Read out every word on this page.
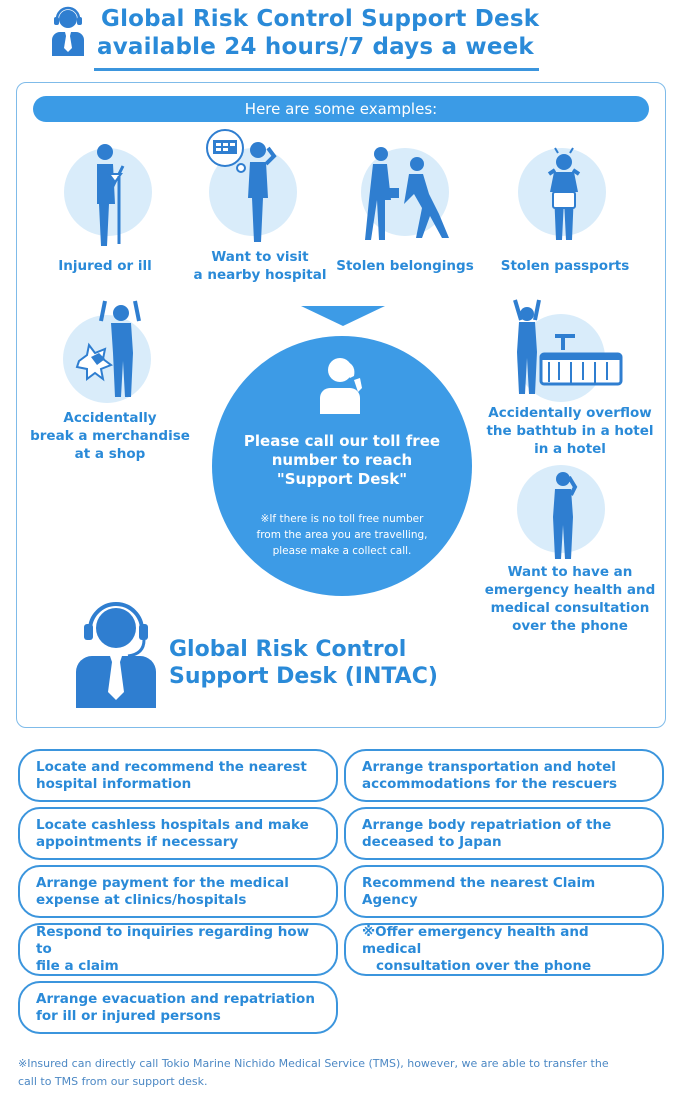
Global Risk Control Support Desk
available 24 hours/7 days a week
Here are some examples:
Injured or ill
Want to visit
a nearby hospital
Stolen belongings	Stolen passports
Accidentally
break a merchandise
at a shop
Accidentally overflow
the bathtub in a hotel
in a hotel
Want to have an
emergency health and
medical consultation
over the phone
Please call our toll free
number to reach
"Support Desk"
※If there is no toll free number
from the area you are travelling,
please make a collect call.
Global Risk Control
Support Desk (INTAC)
Locate and recommend the nearest
hospital information
Locate cashless hospitals and make
appointments if necessary
Arrange payment for the medical
expense at clinics/hospitals
Respond to inquiries regarding how to
file a claim
Arrange evacuation and repatriation
for ill or injured persons
Arrange transportation and hotel
accommodations for the rescuers
Arrange body repatriation of the
deceased to Japan
Recommend the nearest Claim Agency
※Offer emergency health and medical
consultation over the phone
※Insured can directly call Tokio Marine Nichido Medical Service (TMS), however, we are able to transfer the
call to TMS from our support desk.
